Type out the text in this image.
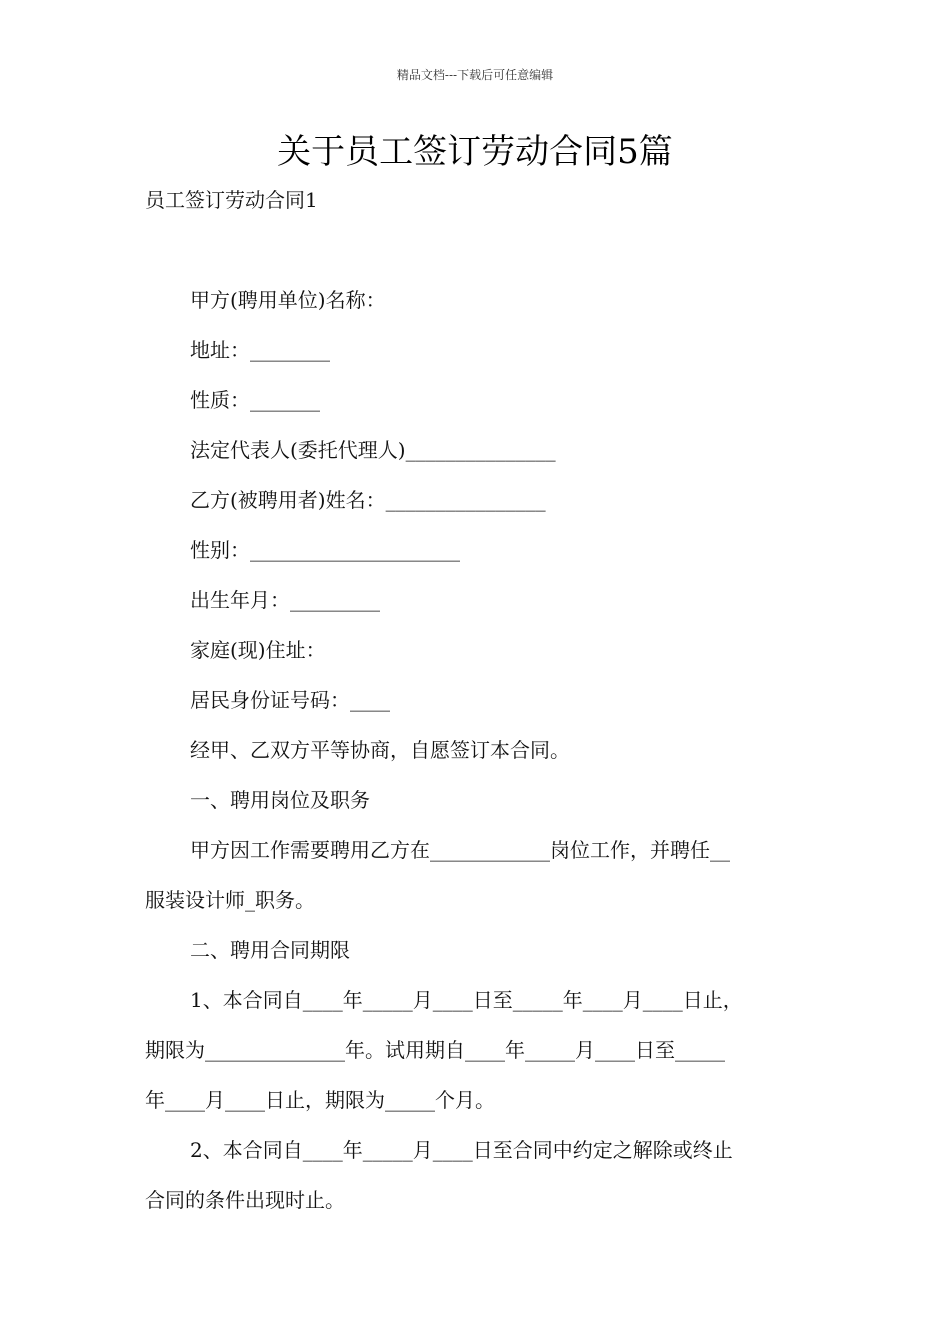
精品文档---下载后可任意编辑
关于员工签订劳动合同5篇
员工签订劳动合同1
甲方(聘用单位)名称：
地址：________
性质：_______
法定代表人(委托代理人)_______________
乙方(被聘用者)姓名：________________
性别：_____________________
出生年月：_________
家庭(现)住址：
居民身份证号码：____
经甲、乙双方平等协商，自愿签订本合同。
一、聘用岗位及职务
甲方因工作需要聘用乙方在____________岗位工作，并聘任__
服装设计师_职务。
二、聘用合同期限
1、本合同自____年_____月____日至_____年____月____日止，
期限为______________年。试用期自____年_____月____日至_____
年____月____日止，期限为_____个月。
2、本合同自____年_____月____日至合同中约定之解除或终止
合同的条件出现时止。
